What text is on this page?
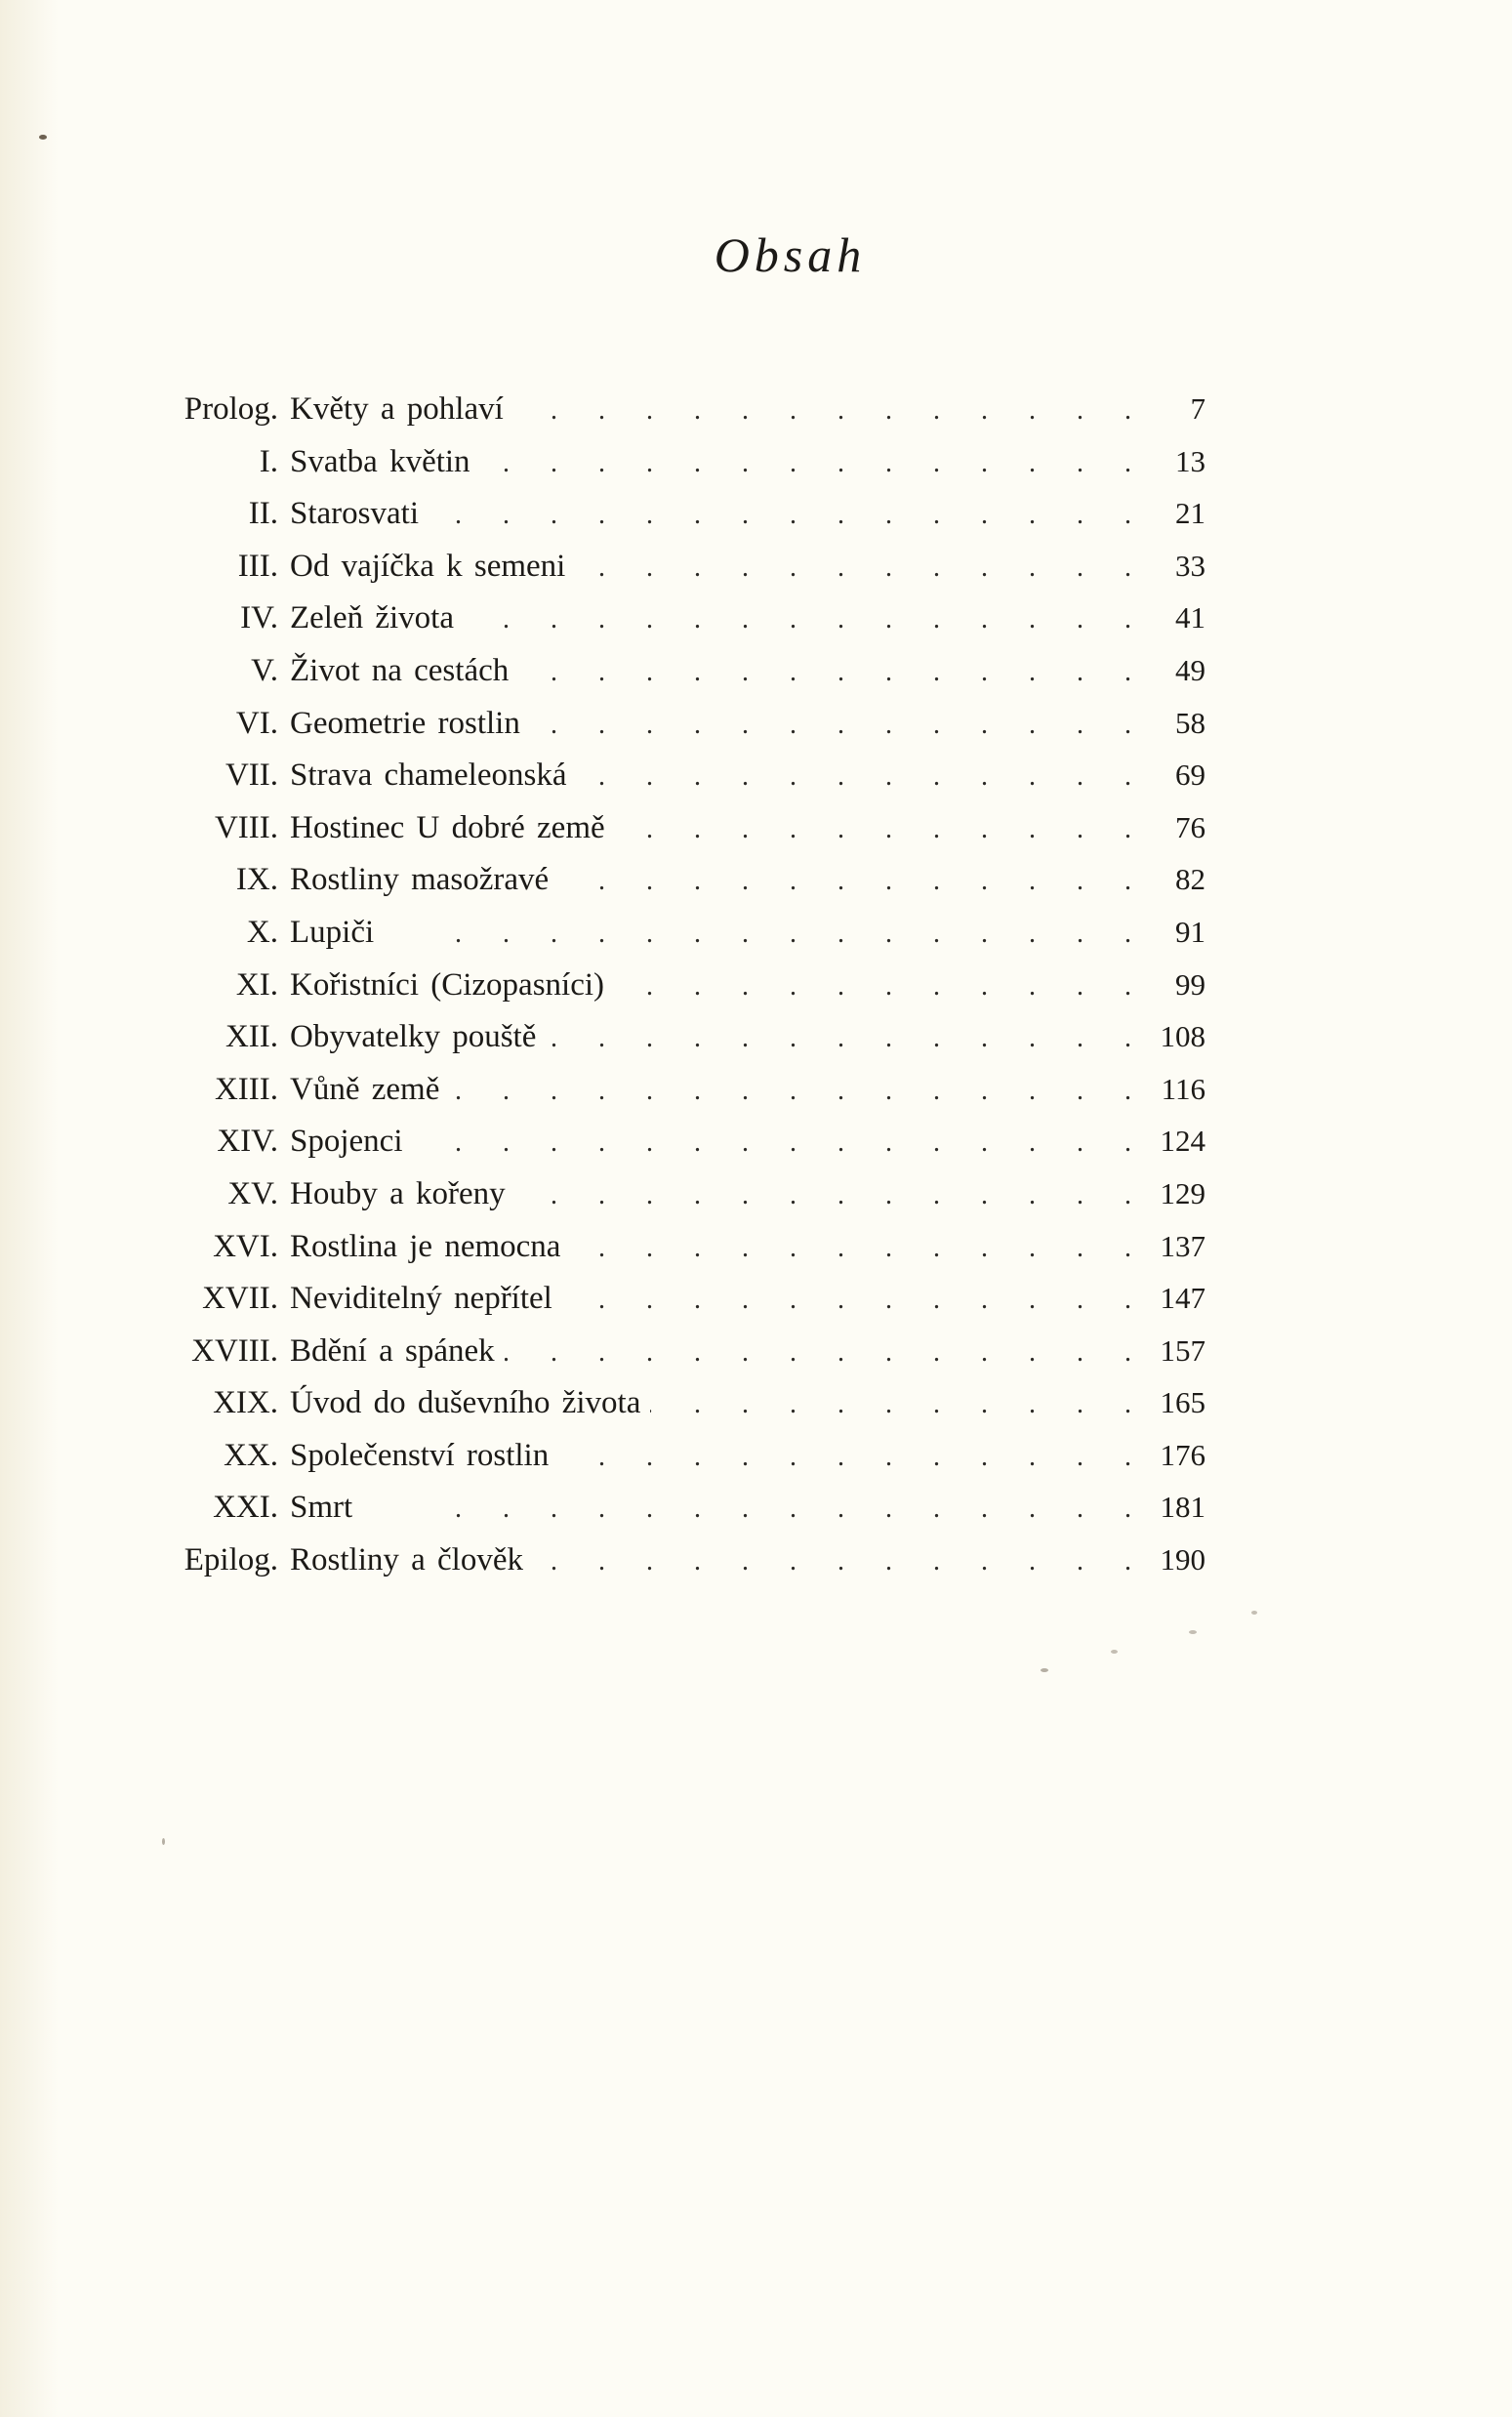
Obsah
Prolog. Květy a pohlaví .	7
I. Svatba květin .	13
II. Starosvati .	21
III. Od vajíčka k semeni .	33
IV. Zeleň života .	41
V. Život na cestách .	49
VI. Geometrie rostlin .	58
VII. Strava chameleonská .	69
VIII. Hostinec U dobré země .	76
IX. Rostliny masožravé .	82
X. Lupiči .	91
XI. Kořistníci (Cizopasníci) .	99
XII. Obyvatelky pouště .	108
XIII. Vůně země .	116
XIV. Spojenci .	124
XV. Houby a kořeny .	129
XVI. Rostlina je nemocna .	137
XVII. Neviditelný nepřítel .	147
XVIII. Bdění a spánek .	157
XIX. Úvod do duševního života .	165
XX. Společenství rostlin .	176
XXI. Smrt .	181
Epilog. Rostliny a člověk .	190
